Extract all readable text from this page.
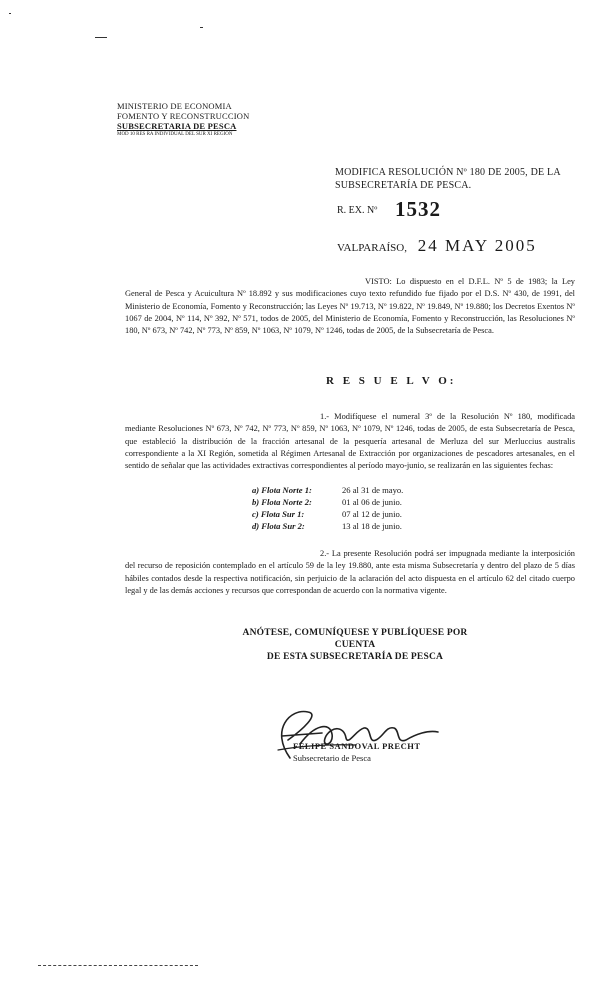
MINISTERIO DE ECONOMIA
FOMENTO Y RECONSTRUCCION
SUBSECRETARIA DE PESCA
MOD 10 RES RA INDIVIDUAL DEL SUR XI REGION
MODIFICA RESOLUCIÓN Nº 180 DE 2005, DE LA SUBSECRETARÍA DE PESCA.
R. EX. Nº 1532
VALPARAÍSO, 24 MAY 2005
VISTO: Lo dispuesto en el D.F.L. Nº 5 de 1983; la Ley General de Pesca y Acuicultura Nº 18.892 y sus modificaciones cuyo texto refundido fue fijado por el D.S. Nº 430, de 1991, del Ministerio de Economía, Fomento y Reconstrucción; las Leyes Nº 19.713, Nº 19.822, Nº 19.849, Nº 19.880; los Decretos Exentos Nº 1067 de 2004, Nº 114, Nº 392, Nº 571, todos de 2005, del Ministerio de Economía, Fomento y Reconstrucción, las Resoluciones Nº 180, Nº 673, Nº 742, Nº 773, Nº 859, Nº 1063, Nº 1079, Nº 1246, todas de 2005, de la Subsecretaría de Pesca.
R E S U E L V O:
1.- Modifíquese el numeral 3º de la Resolución Nº 180, modificada mediante Resoluciones Nº 673, Nº 742, Nº 773, Nº 859, Nº 1063, Nº 1079, Nº 1246, todas de 2005, de esta Subsecretaría de Pesca, que estableció la distribución de la fracción artesanal de la pesquería artesanal de Merluza del sur Merluccius australis correspondiente a la XI Región, sometida al Régimen Artesanal de Extracción por organizaciones de pescadores artesanales, en el sentido de señalar que las actividades extractivas correspondientes al período mayo-junio, se realizarán en las siguientes fechas:
a) Flota Norte 1:	26 al 31 de mayo.
b) Flota Norte 2:	01 al 06 de junio.
c) Flota Sur 1:	07 al 12 de junio.
d) Flota Sur 2:	13 al 18 de junio.
2.- La presente Resolución podrá ser impugnada mediante la interposición del recurso de reposición contemplado en el artículo 59 de la ley 19.880, ante esta misma Subsecretaría y dentro del plazo de 5 días hábiles contados desde la respectiva notificación, sin perjuicio de la aclaración del acto dispuesta en el artículo 62 del citado cuerpo legal y de las demás acciones y recursos que correspondan de acuerdo con la normativa vigente.
ANÓTESE, COMUNÍQUESE Y PUBLÍQUESE POR CUENTA
DE ESTA SUBSECRETARÍA DE PESCA
FELIPE SANDOVAL PRECHT
Subsecretario de Pesca
